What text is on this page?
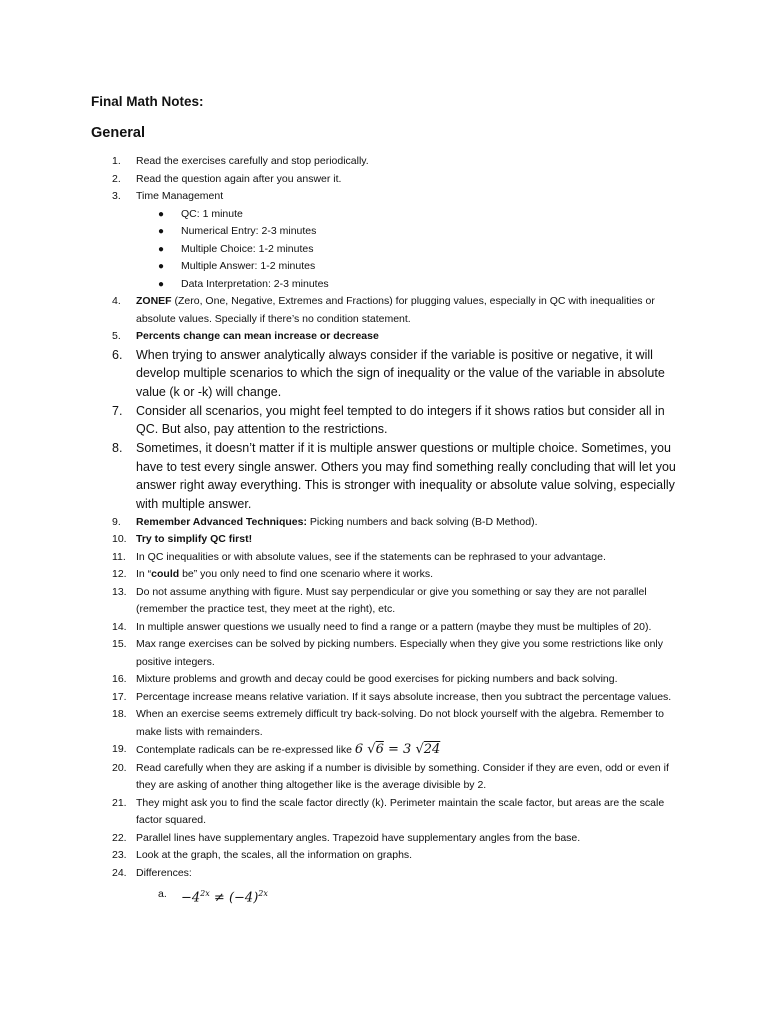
Final Math Notes:
General
1.	Read the exercises carefully and stop periodically.
2.	Read the question again after you answer it.
3.	Time Management
● QC: 1 minute
● Numerical Entry: 2-3 minutes
● Multiple Choice: 1-2 minutes
● Multiple Answer: 1-2 minutes
● Data Interpretation: 2-3 minutes
4.	ZONEF (Zero, One, Negative, Extremes and Fractions) for plugging values, especially in QC with inequalities or absolute values. Specially if there’s no condition statement.
5.	Percents change can mean increase or decrease
6.	When trying to answer analytically always consider if the variable is positive or negative, it will develop multiple scenarios to which the sign of inequality or the value of the variable in absolute value (k or -k) will change.
7.	Consider all scenarios, you might feel tempted to do integers if it shows ratios but consider all in QC. But also, pay attention to the restrictions.
8.	Sometimes, it doesn’t matter if it is multiple answer questions or multiple choice. Sometimes, you have to test every single answer. Others you may find something really concluding that will let you answer right away everything. This is stronger with inequality or absolute value solving, especially with multiple answer.
9.	Remember Advanced Techniques: Picking numbers and back solving (B-D Method).
10. Try to simplify QC first!
11. In QC inequalities or with absolute values, see if the statements can be rephrased to your advantage.
12. In “could be” you only need to find one scenario where it works.
13. Do not assume anything with figure. Must say perpendicular or give you something or say they are not parallel (remember the practice test, they meet at the right), etc.
14. In multiple answer questions we usually need to find a range or a pattern (maybe they must be multiples of 20).
15. Max range exercises can be solved by picking numbers. Especially when they give you some restrictions like only positive integers.
16. Mixture problems and growth and decay could be good exercises for picking numbers and back solving.
17. Percentage increase means relative variation. If it says absolute increase, then you subtract the percentage values.
18. When an exercise seems extremely difficult try back-solving. Do not block yourself with the algebra. Remember to make lists with remainders.
19. Contemplate radicals can be re-expressed like 6 √6 = 3 √24
20. Read carefully when they are asking if a number is divisible by something. Consider if they are even, odd or even if they are asking of another thing altogether like is the average divisible by 2.
21. They might ask you to find the scale factor directly (k). Perimeter maintain the scale factor, but areas are the scale factor squared.
22. Parallel lines have supplementary angles. Trapezoid have supplementary angles from the base.
23. Look at the graph, the scales, all the information on graphs.
24. Differences:
a. $-4^{2x} \ne (-4)^{2x}$
